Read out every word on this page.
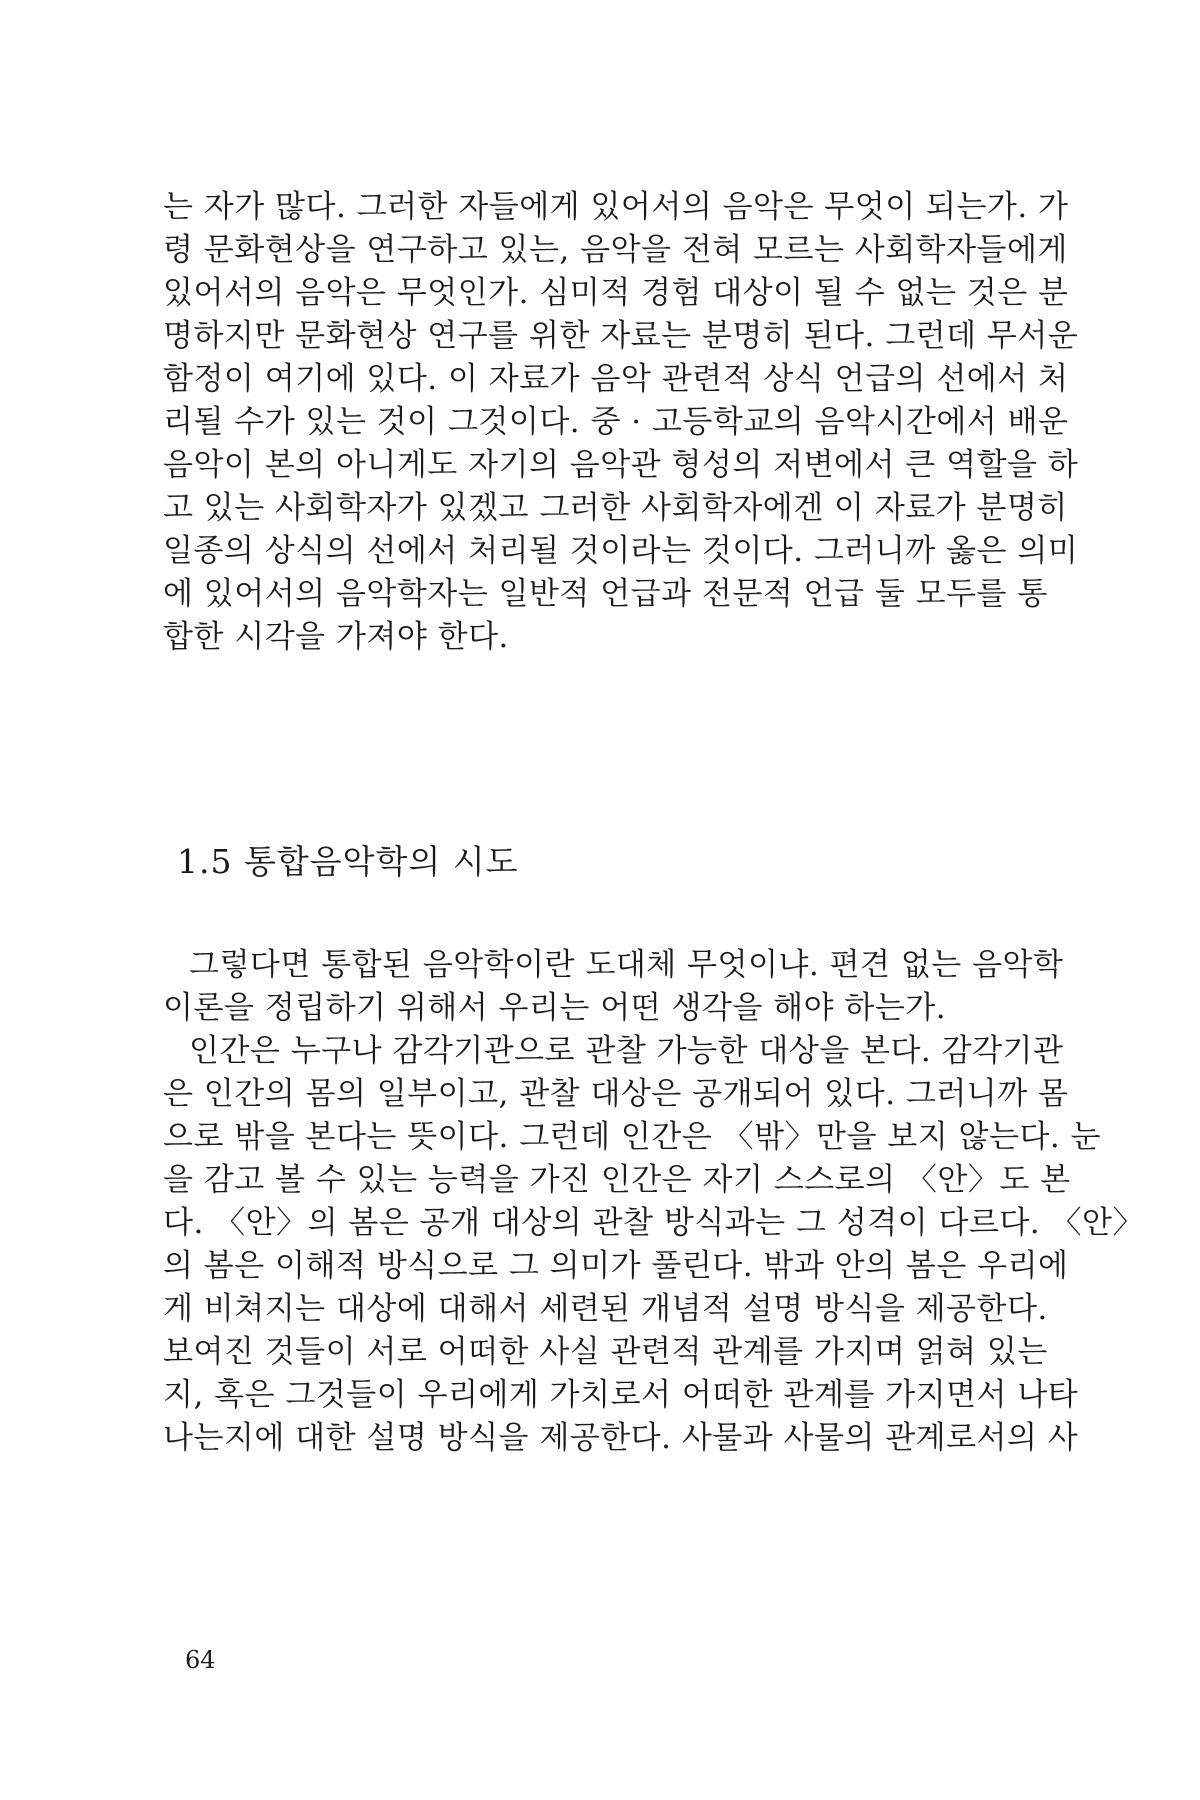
는 자가 많다. 그러한 자들에게 있어서의 음악은 무엇이 되는가. 가
령 문화현상을 연구하고 있는, 음악을 전혀 모르는 사회학자들에게
있어서의 음악은 무엇인가. 심미적 경험 대상이 될 수 없는 것은 분
명하지만 문화현상 연구를 위한 자료는 분명히 된다. 그런데 무서운
함정이 여기에 있다. 이 자료가 음악 관련적 상식 언급의 선에서 처
리될 수가 있는 것이 그것이다. 중 · 고등학교의 음악시간에서 배운
음악이 본의 아니게도 자기의 음악관 형성의 저변에서 큰 역할을 하
고 있는 사회학자가 있겠고 그러한 사회학자에겐 이 자료가 분명히
일종의 상식의 선에서 처리될 것이라는 것이다. 그러니까 옳은 의미
에 있어서의 음악학자는 일반적 언급과 전문적 언급 둘 모두를 통
합한 시각을 가져야 한다.
1.5 통합음악학의 시도
그렇다면 통합된 음악학이란 도대체 무엇이냐. 편견 없는 음악학
이론을 정립하기 위해서 우리는 어떤 생각을 해야 하는가.
인간은 누구나 감각기관으로 관찰 가능한 대상을 본다. 감각기관
은 인간의 몸의 일부이고, 관찰 대상은 공개되어 있다. 그러니까 몸
으로 밖을 본다는 뜻이다. 그런데 인간은 〈밖〉만을 보지 않는다. 눈
을 감고 볼 수 있는 능력을 가진 인간은 자기 스스로의 〈안〉도 본
다. 〈안〉의 봄은 공개 대상의 관찰 방식과는 그 성격이 다르다. 〈안〉
의 봄은 이해적 방식으로 그 의미가 풀린다. 밖과 안의 봄은 우리에
게 비쳐지는 대상에 대해서 세련된 개념적 설명 방식을 제공한다.
보여진 것들이 서로 어떠한 사실 관련적 관계를 가지며 얽혀 있는
지, 혹은 그것들이 우리에게 가치로서 어떠한 관계를 가지면서 나타
나는지에 대한 설명 방식을 제공한다. 사물과 사물의 관계로서의 사
64
